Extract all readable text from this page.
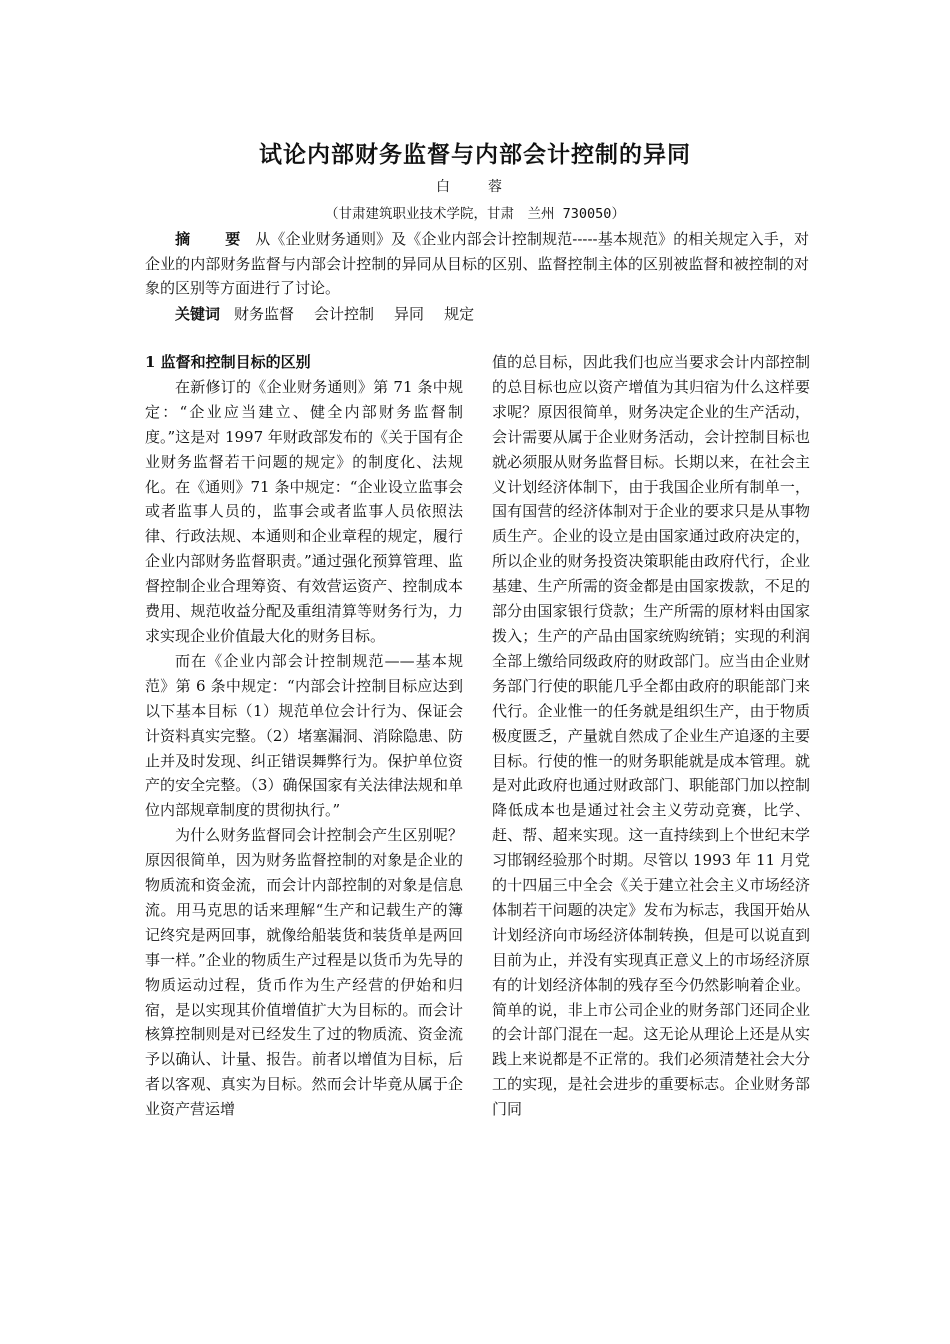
试论内部财务监督与内部会计控制的异同
白　蓉
（甘肃建筑职业技术学院，甘肃　兰州 730050）

摘　要 从《企业财务通则》及《企业内部会计控制规范-----基本规范》的相关规定入手，对企业的内部财务监督与内部会计控制的异同从目标的区别、监督控制主体的区别被监督和被控制的对象的区别等方面进行了讨论。

关键词 财务监督 会计控制 异同 规定

1 监督和控制目标的区别

在新修订的《企业财务通则》第 71 条中规定：“企业应当建立、健全内部财务监督制度。”这是对 1997 年财政部发布的《关于国有企业财务监督若干问题的规定》的制度化、法规化。在《通则》71 条中规定：“企业设立监事会或者监事人员的，监事会或者监事人员依照法律、行政法规、本通则和企业章程的规定，履行企业内部财务监督职责。”通过强化预算管理、监督控制企业合理筹资、有效营运资产、控制成本费用、规范收益分配及重组清算等财务行为，力求实现企业价值最大化的财务目标。

而在《企业内部会计控制规范——基本规范》第 6 条中规定：“内部会计控制目标应达到以下基本目标（1）规范单位会计行为、保证会计资料真实完整。（2）堵塞漏洞、消除隐患、防止并及时发现、纠正错误舞弊行为。保护单位资产的安全完整。（3）确保国家有关法律法规和单位内部规章制度的贯彻执行。”

为什么财务监督同会计控制会产生区别呢？原因很简单，因为财务监督控制的对象是企业的物质流和资金流，而会计内部控制的对象是信息流。用马克思的话来理解“生产和记载生产的簿记终究是两回事，就像给船装货和装货单是两回事一样。”企业的物质生产过程是以货币为先导的物质运动过程，货币作为生产经营的伊始和归宿，是以实现其价值增值扩大为目标的。而会计核算控制则是对已经发生了过的物质流、资金流予以确认、计量、报告。前者以增值为目标，后者以客观、真实为目标。然而会计毕竟从属于企业资产营运增

值的总目标，因此我们也应当要求会计内部控制的总目标也应以资产增值为其归宿为什么这样要求呢？原因很简单，财务决定企业的生产活动，会计需要从属于企业财务活动，会计控制目标也就必须服从财务监督目标。长期以来，在社会主义计划经济体制下，由于我国企业所有制单一，国有国营的经济体制对于企业的要求只是从事物质生产。企业的设立是由国家通过政府决定的，所以企业的财务投资决策职能由政府代行，企业基建、生产所需的资金都是由国家拨款，不足的部分由国家银行贷款；生产所需的原材料由国家拨入；生产的产品由国家统购统销；实现的利润全部上缴给同级政府的财政部门。应当由企业财务部门行使的职能几乎全都由政府的职能部门来代行。企业惟一的任务就是组织生产，由于物质极度匮乏，产量就自然成了企业生产追逐的主要目标。行使的惟一的财务职能就是成本管理。就是对此政府也通过财政部门、职能部门加以控制降低成本也是通过社会主义劳动竞赛，比学、赶、帮、超来实现。这一直持续到上个世纪末学习邯钢经验那个时期。尽管以 1993 年 11 月党的十四届三中全会《关于建立社会主义市场经济体制若干问题的决定》发布为标志，我国开始从计划经济向市场经济体制转换，但是可以说直到目前为止，并没有实现真正意义上的市场经济原有的计划经济体制的残存至今仍然影响着企业。简单的说，非上市公司企业的财务部门还同企业的会计部门混在一起。这无论从理论上还是从实践上来说都是不正常的。我们必须清楚社会大分工的实现，是社会进步的重要标志。企业财务部门同
